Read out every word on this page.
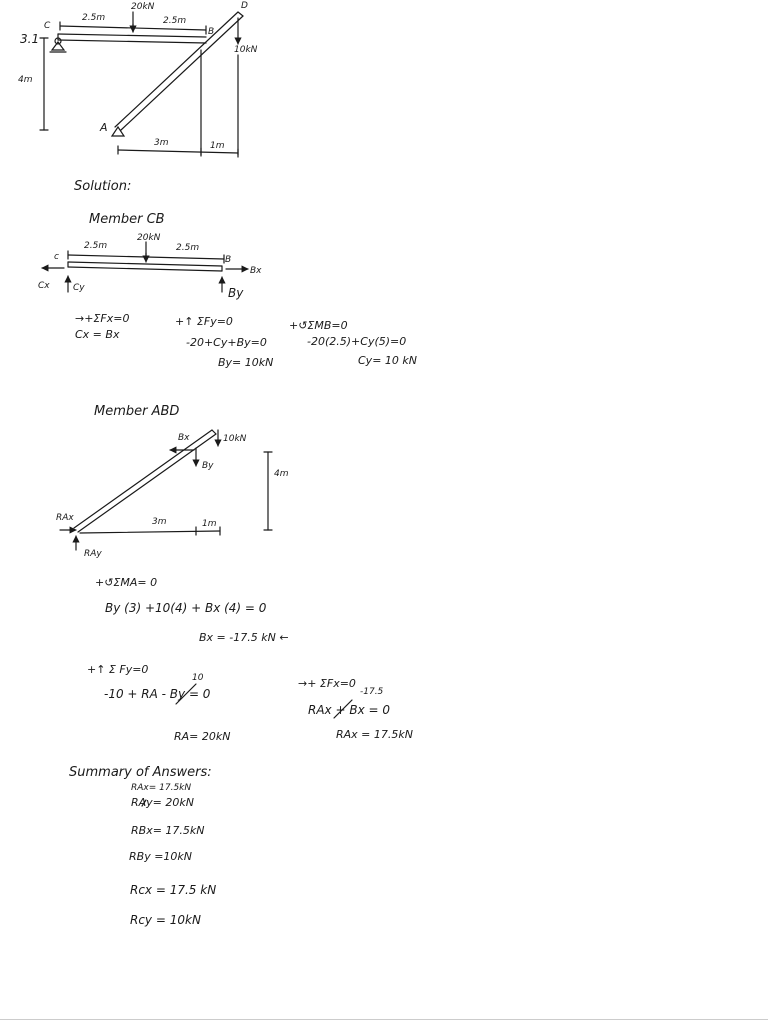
20kN	D
2.5m	2.5m
C
B
3.1
10kN
4m
A
3m	1m
Solution:
Member CB
20kN
2.5m	2.5m
c	B
Bx
Cx	Cy	By
→+ΣFx=0
Cx = Bx
+↑ ΣFy=0
-20+Cy+By=0
By= 10kN
+↺ΣMB=0
-20(2.5)+Cy(5)=0
Cy= 10 kN
Member ABD
Bx	10kN
By
4m
RAx	3m	1m
RAy
+↺ΣMA= 0
By (3) +10(4) + Bx (4) = 0
Bx = -17.5 kN ←
+↑ Σ Fy=0
10
-10 + RA - By = 0
RA= 20kN
→+ ΣFx=0
-17.5
RAx + Bx = 0
RAx = 17.5kN
Summary of Answers:
RAx= 17.5kN
RAy= 20kN
RBx= 17.5kN
RBy =10kN
Rcx = 17.5 kN
Rcy = 10kN
